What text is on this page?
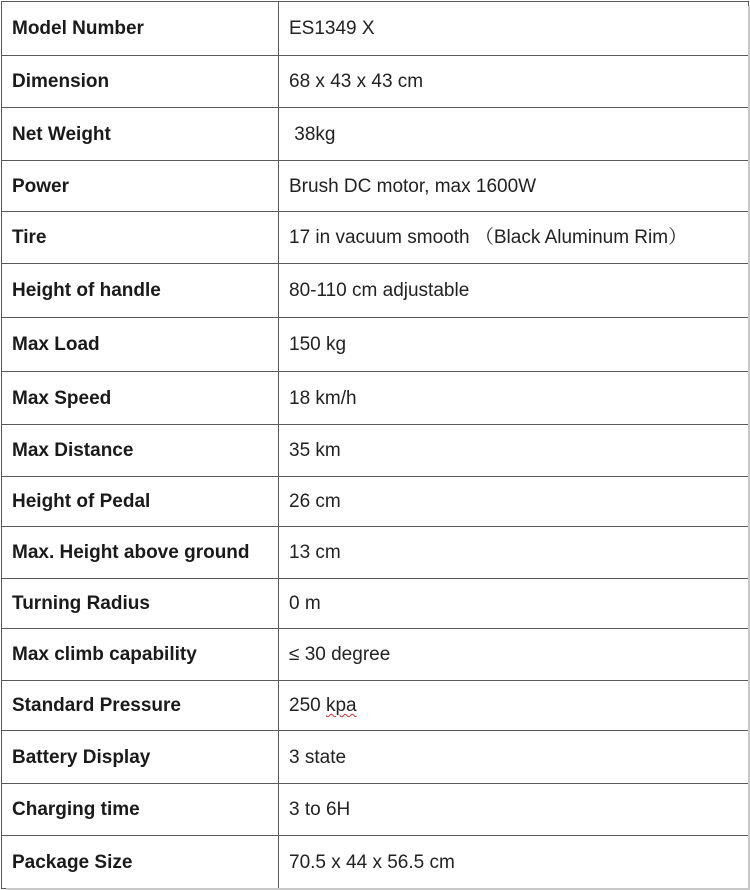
Model Number	ES1349 X
Dimension	68 x 43 x 43 cm
Net Weight	38kg
Power	Brush DC motor, max 1600W
Tire	17 in vacuum smooth （Black Aluminum Rim）
Height of handle	80-110 cm adjustable
Max Load	150 kg
Max Speed	18 km/h
Max Distance	35 km
Height of Pedal	26 cm
Max. Height above ground	13 cm
Turning Radius	0 m
Max climb capability	≤ 30 degree
Standard Pressure	250 kpa
Battery Display	3 state
Charging time	3 to 6H
Package Size	70.5 x 44 x 56.5 cm
